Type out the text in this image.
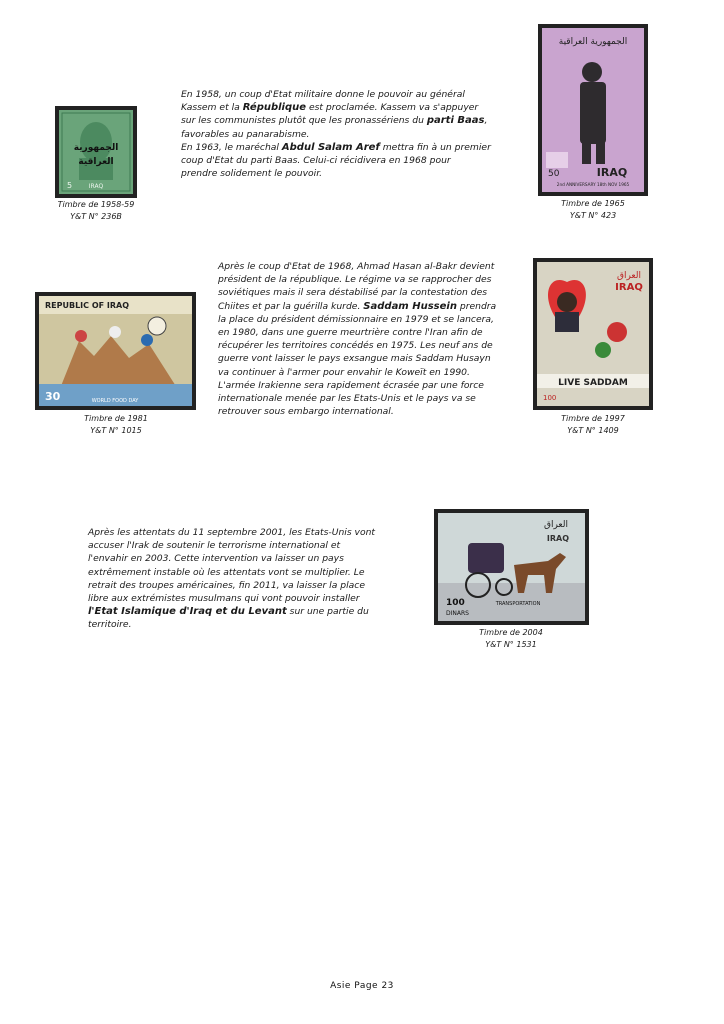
الجمهورية
العراقية
5	IRAQ
Timbre de 1958-59
Y&T N° 236B

En 1958, un coup d'Etat militaire donne le pouvoir au général

Kassem et la République est proclamée. Kassem va s'appuyer

sur les communistes plutôt que les pronassériens du parti Baas,

favorables au panarabisme.

En 1963, le maréchal Abdul Salam Aref mettra fin à un premier

coup d'Etat du parti Baas. Celui-ci récidivera en 1968 pour

prendre solidement le pouvoir.

الجمهورية العراقية
50	IRAQ
2nd ANNIVERSARY 18th NOV 1965
Timbre de 1965
Y&T N° 423
REPUBLIC OF IRAQ
30	WORLD FOOD DAY
Timbre de 1981
Y&T N° 1015

Après le coup d'Etat de 1968, Ahmad Hasan al-Bakr devient

président de la république. Le régime va se rapprocher des

soviétiques mais il sera déstabilisé par la contestation des

Chiites et par la guérilla kurde. Saddam Hussein prendra

la place du président démissionnaire en 1979 et se lancera,

en 1980, dans une guerre meurtrière contre l'Iran afin de

récupérer les territoires concédés en 1975. Les neuf ans de

guerre vont laisser le pays exsangue mais Saddam Husayn

va continuer à l'armer pour envahir le Koweït en 1990.

L'armée Irakienne sera rapidement écrasée par une force

internationale menée par les Etats-Unis et le pays va se

retrouver sous embargo international.

العراق
IRAQ
LIVE SADDAM
100
Timbre de 1997
Y&T N° 1409

Après les attentats du 11 septembre 2001, les Etats-Unis vont

accuser l'Irak de soutenir le terrorisme international et

l'envahir en 2003. Cette intervention va laisser un pays

extrêmement instable où les attentats vont se multiplier. Le

retrait des troupes américaines, fin 2011, va laisser la place

libre aux extrémistes musulmans qui vont pouvoir installer

l'Etat Islamique d'Iraq et du Levant sur une partie du

territoire.

العراق
IRAQ
100
DINARS
TRANSPORTATION
Timbre de 2004
Y&T N° 1531
Asie Page 23
